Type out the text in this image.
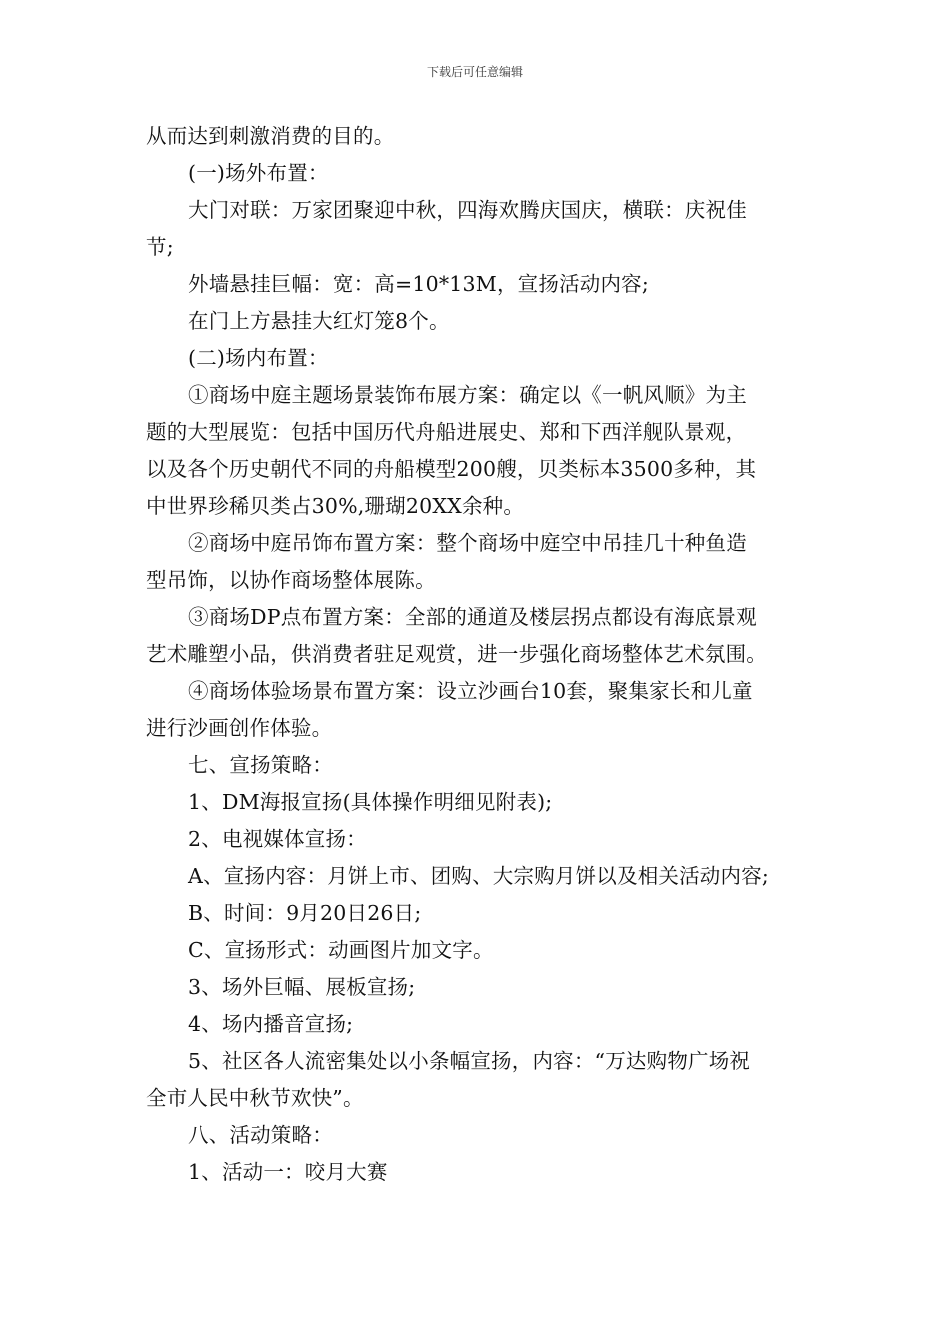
下载后可任意编辑

从而达到刺激消费的目的。

(一)场外布置：

大门对联：万家团聚迎中秋，四海欢腾庆国庆，横联：庆祝佳

节;

外墙悬挂巨幅：宽：高=10*13M，宣扬活动内容;

在门上方悬挂大红灯笼8个。

(二)场内布置：

①商场中庭主题场景装饰布展方案：确定以《一帆风顺》为主

题的大型展览：包括中国历代舟船进展史、郑和下西洋舰队景观，

以及各个历史朝代不同的舟船模型200艘，贝类标本3500多种，其

中世界珍稀贝类占30%,珊瑚20XX余种。

②商场中庭吊饰布置方案：整个商场中庭空中吊挂几十种鱼造

型吊饰，以协作商场整体展陈。

③商场DP点布置方案：全部的通道及楼层拐点都设有海底景观

艺术雕塑小品，供消费者驻足观赏，进一步强化商场整体艺术氛围。

④商场体验场景布置方案：设立沙画台10套，聚集家长和儿童

进行沙画创作体验。

七、宣扬策略：

1、DM海报宣扬(具体操作明细见附表);

2、电视媒体宣扬：

A、宣扬内容：月饼上市、团购、大宗购月饼以及相关活动内容;

B、时间：9月20日26日;

C、宣扬形式：动画图片加文字。

3、场外巨幅、展板宣扬;

4、场内播音宣扬;

5、社区各人流密集处以小条幅宣扬，内容：“万达购物广场祝

全市人民中秋节欢快”。

八、活动策略：

1、活动一：咬月大赛
